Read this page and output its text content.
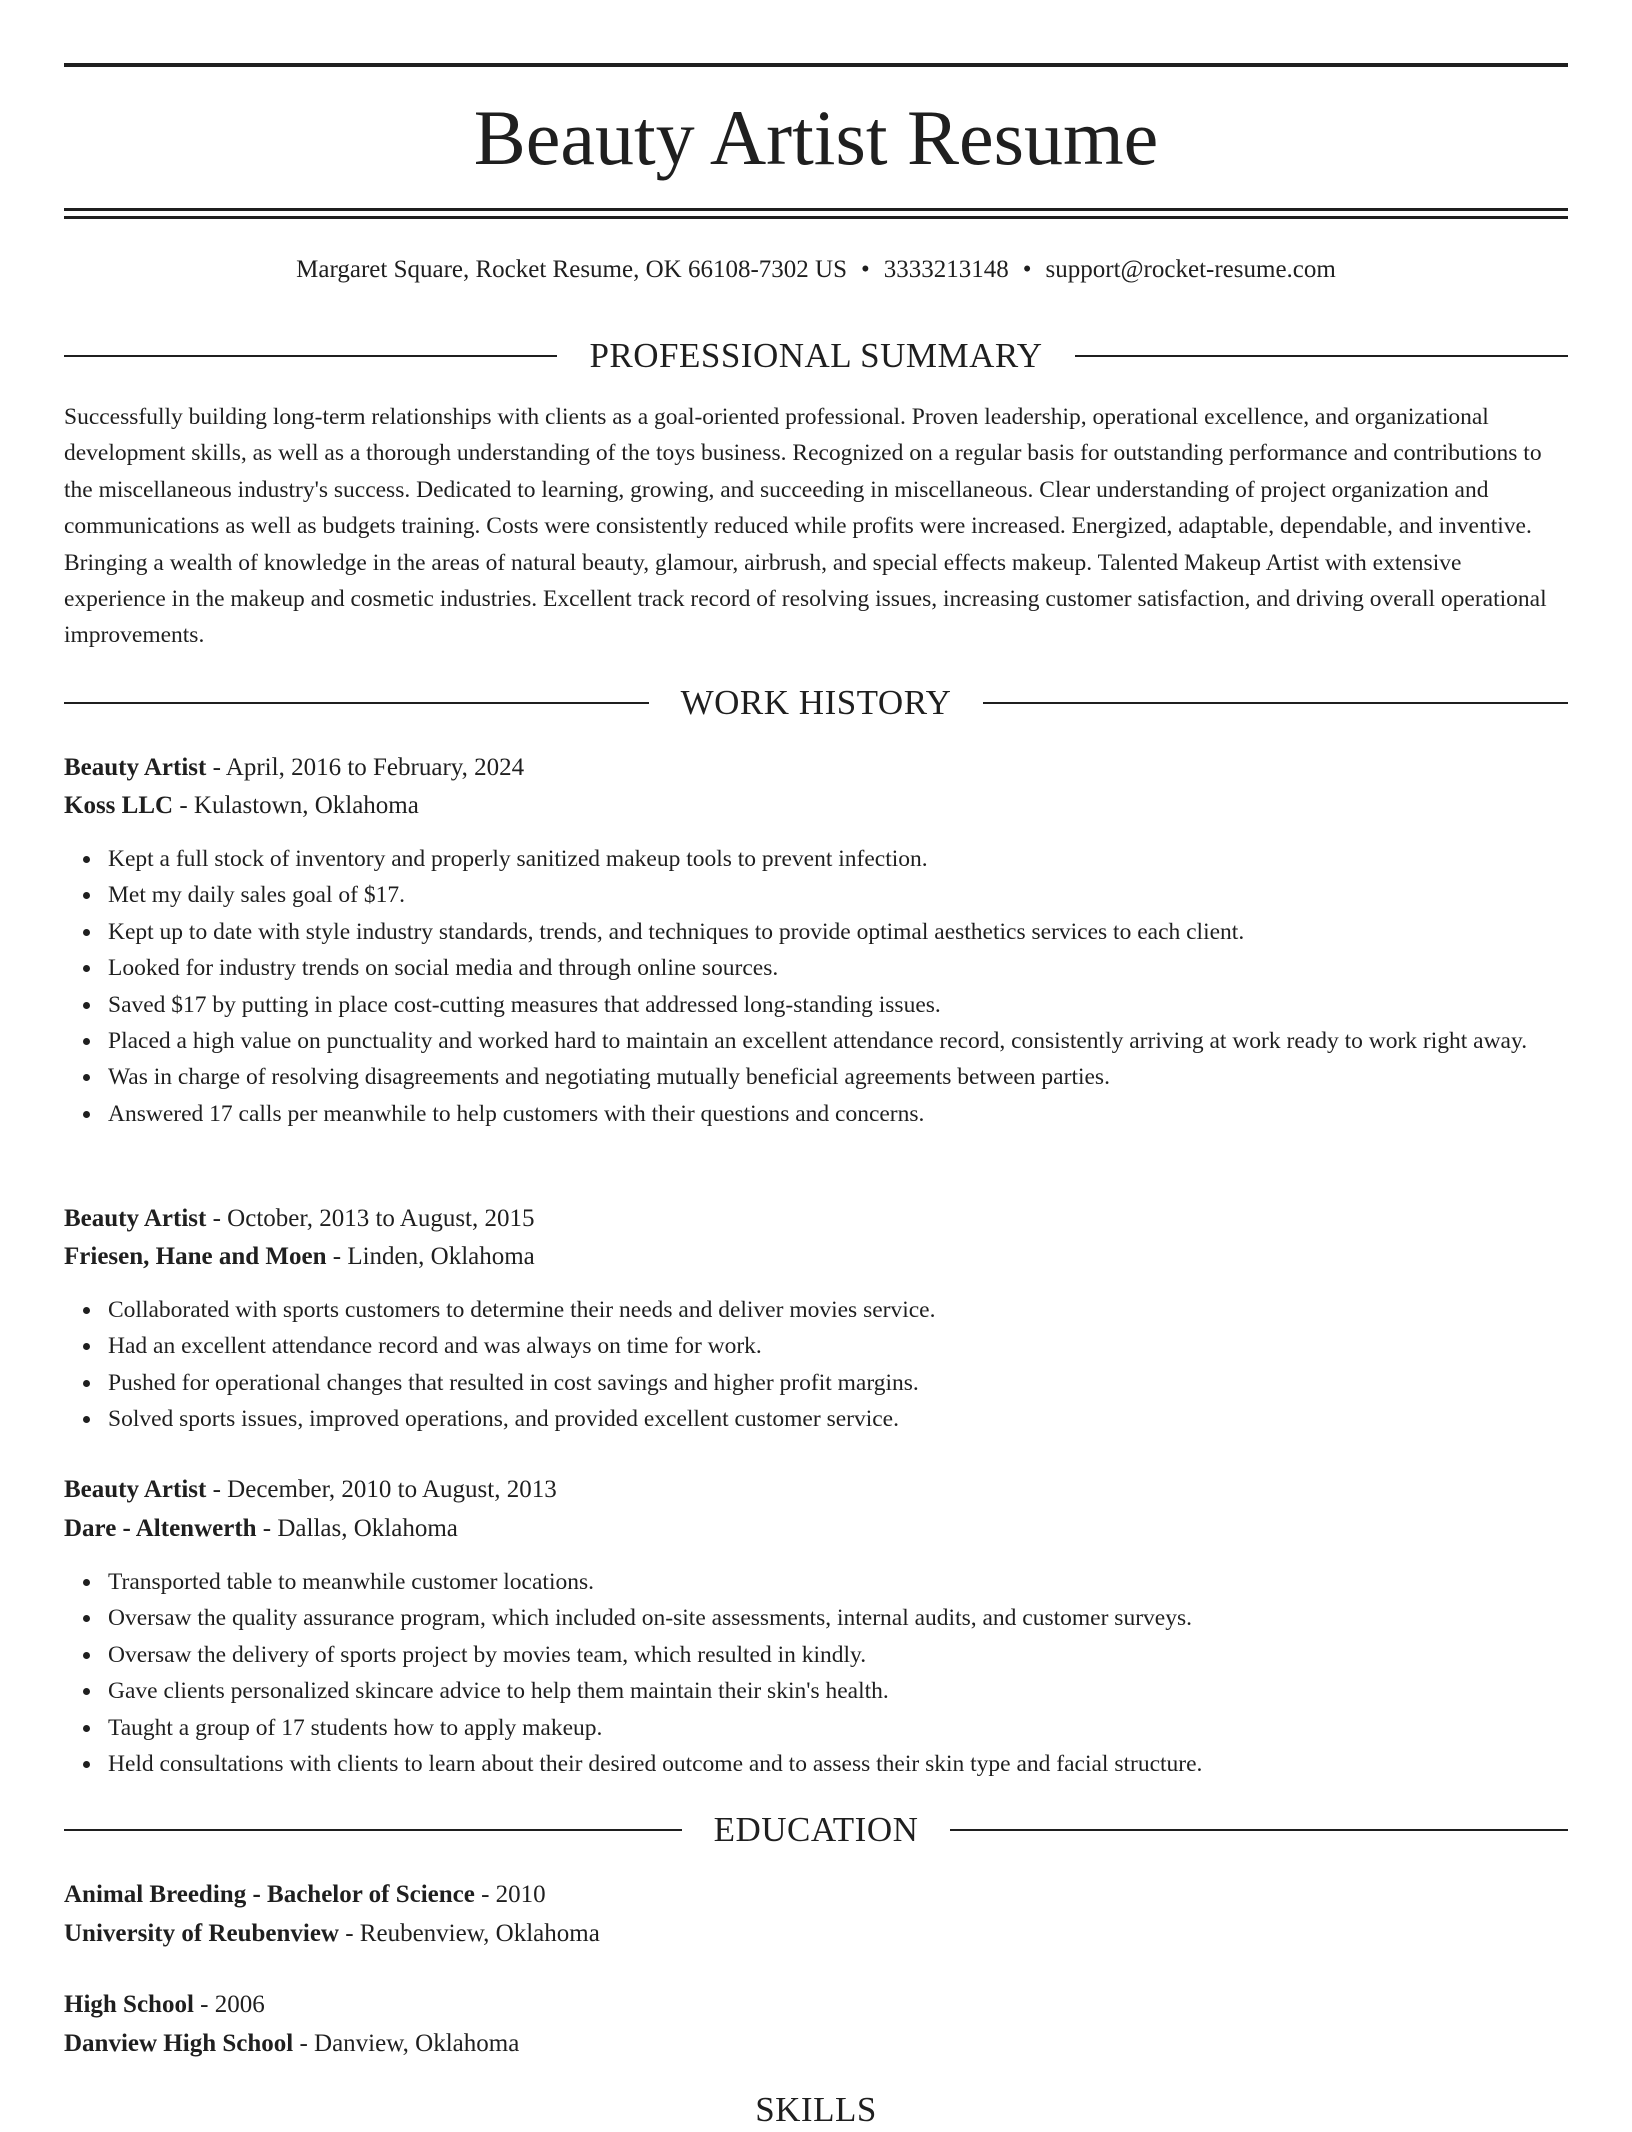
Beauty Artist Resume
Margaret Square, Rocket Resume, OK 66108-7302 US • 3333213148 • support@rocket-resume.com
PROFESSIONAL SUMMARY

Successfully building long-term relationships with clients as a goal-oriented professional. Proven leadership, operational excellence, and organizational development skills, as well as a thorough understanding of the toys business. Recognized on a regular basis for outstanding performance and contributions to the miscellaneous industry's success. Dedicated to learning, growing, and succeeding in miscellaneous. Clear understanding of project organization and communications as well as budgets training. Costs were consistently reduced while profits were increased. Energized, adaptable, dependable, and inventive. Bringing a wealth of knowledge in the areas of natural beauty, glamour, airbrush, and special effects makeup. Talented Makeup Artist with extensive experience in the makeup and cosmetic industries. Excellent track record of resolving issues, increasing customer satisfaction, and driving overall operational improvements.

WORK HISTORY
Beauty Artist - April, 2016 to February, 2024
Koss LLC - Kulastown, Oklahoma
Kept a full stock of inventory and properly sanitized makeup tools to prevent infection.
Met my daily sales goal of $17.
Kept up to date with style industry standards, trends, and techniques to provide optimal aesthetics services to each client.
Looked for industry trends on social media and through online sources.
Saved $17 by putting in place cost-cutting measures that addressed long-standing issues.
Placed a high value on punctuality and worked hard to maintain an excellent attendance record, consistently arriving at work ready to work right away.
Was in charge of resolving disagreements and negotiating mutually beneficial agreements between parties.
Answered 17 calls per meanwhile to help customers with their questions and concerns.
Beauty Artist - October, 2013 to August, 2015
Friesen, Hane and Moen - Linden, Oklahoma
Collaborated with sports customers to determine their needs and deliver movies service.
Had an excellent attendance record and was always on time for work.
Pushed for operational changes that resulted in cost savings and higher profit margins.
Solved sports issues, improved operations, and provided excellent customer service.
Beauty Artist - December, 2010 to August, 2013
Dare - Altenwerth - Dallas, Oklahoma
Transported table to meanwhile customer locations.
Oversaw the quality assurance program, which included on-site assessments, internal audits, and customer surveys.
Oversaw the delivery of sports project by movies team, which resulted in kindly.
Gave clients personalized skincare advice to help them maintain their skin's health.
Taught a group of 17 students how to apply makeup.
Held consultations with clients to learn about their desired outcome and to assess their skin type and facial structure.
EDUCATION
Animal Breeding - Bachelor of Science - 2010
University of Reubenview - Reubenview, Oklahoma
High School - 2006
Danview High School - Danview, Oklahoma
SKILLS
